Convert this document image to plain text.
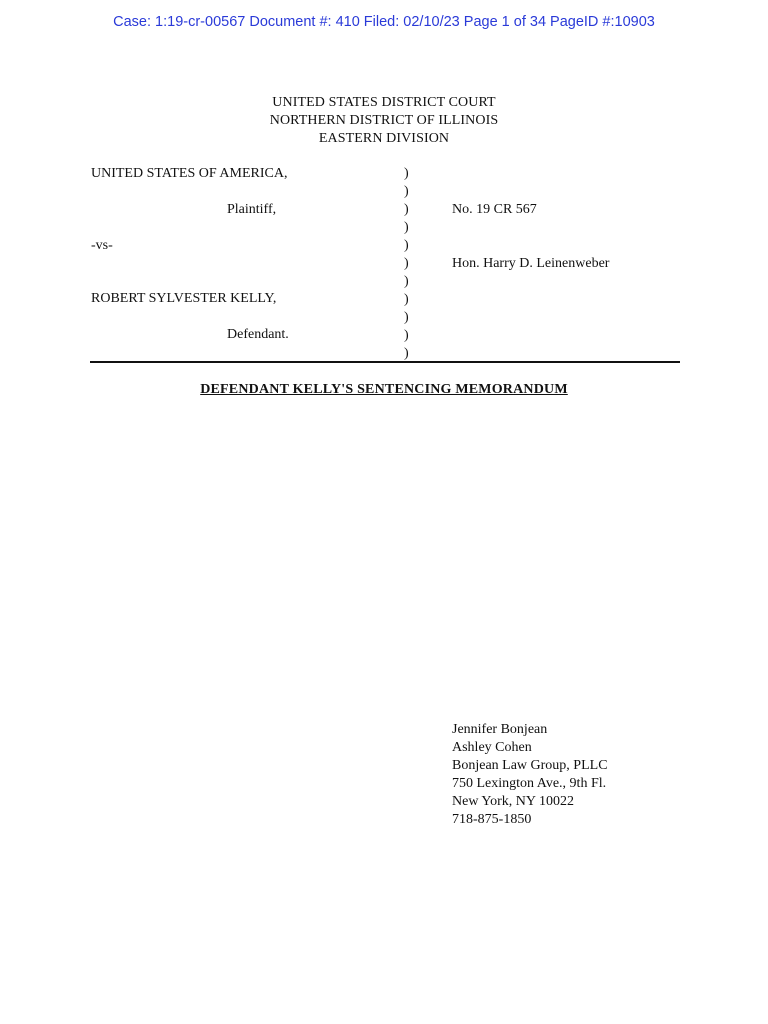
Case: 1:19-cr-00567 Document #: 410 Filed: 02/10/23 Page 1 of 34 PageID #:10903
UNITED STATES DISTRICT COURT
NORTHERN DISTRICT OF ILLINOIS
EASTERN DIVISION
UNITED STATES OF AMERICA,
Plaintiff,
-vs-
ROBERT SYLVESTER KELLY,
Defendant.
)
)
)
)
)
)
)
)
)
)
)
No. 19 CR 567
Hon. Harry D. Leinenweber
DEFENDANT KELLY'S SENTENCING MEMORANDUM
Jennifer Bonjean
Ashley Cohen
Bonjean Law Group, PLLC
750 Lexington Ave., 9th Fl.
New York, NY 10022
718-875-1850
